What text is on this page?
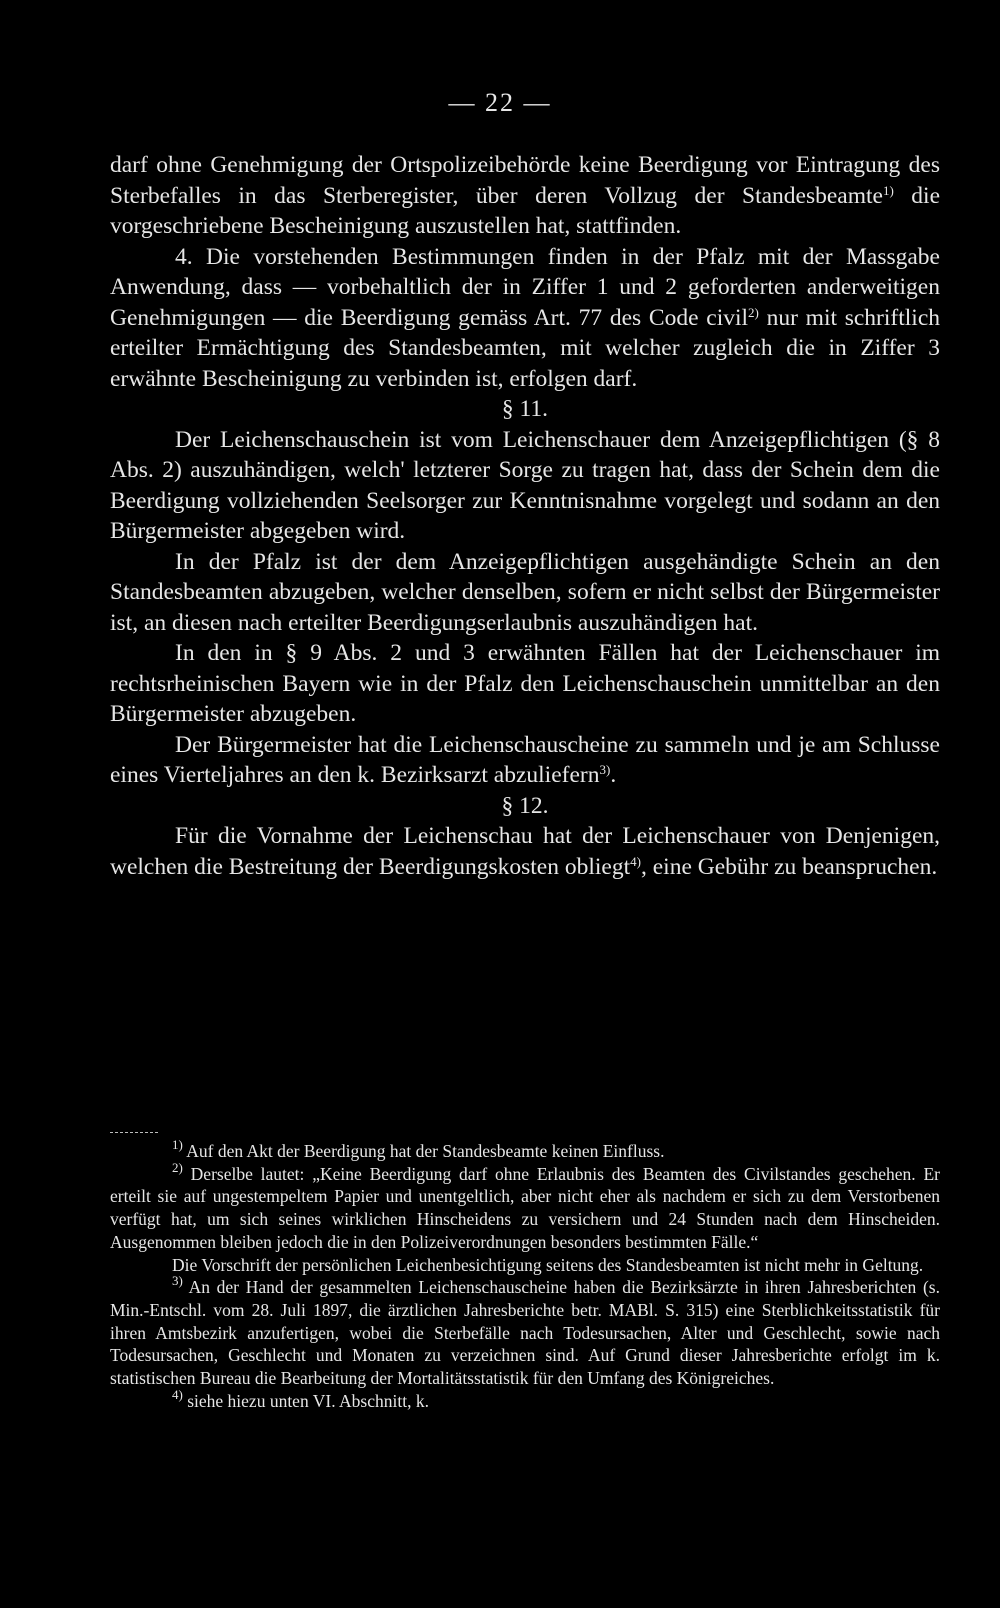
— 22 —

darf ohne Genehmigung der Ortspolizeibehörde keine Beerdigung vor Eintragung des Sterbefalles in das Sterberegister, über deren Vollzug der Standesbeamte$^{1)}$ die vorgeschriebene Bescheinigung auszustellen hat, stattfinden.

4. Die vorstehenden Bestimmungen finden in der Pfalz mit der Massgabe Anwendung, dass — vorbehaltlich der in Ziffer 1 und 2 geforderten anderweitigen Genehmigungen — die Beerdigung gemäss Art. 77 des Code civil$^{2)}$ nur mit schriftlich erteilter Ermächtigung des Standesbeamten, mit welcher zugleich die in Ziffer 3 erwähnte Bescheinigung zu verbinden ist, erfolgen darf.

§ 11.

Der Leichenschauschein ist vom Leichenschauer dem Anzeigepflichtigen (§ 8 Abs. 2) auszuhändigen, welch' letzterer Sorge zu tragen hat, dass der Schein dem die Beerdigung vollziehenden Seelsorger zur Kenntnisnahme vorgelegt und sodann an den Bürgermeister abgegeben wird.

In der Pfalz ist der dem Anzeigepflichtigen ausgehändigte Schein an den Standesbeamten abzugeben, welcher denselben, sofern er nicht selbst der Bürgermeister ist, an diesen nach erteilter Beerdigungserlaubnis auszuhändigen hat.

In den in § 9 Abs. 2 und 3 erwähnten Fällen hat der Leichenschauer im rechtsrheinischen Bayern wie in der Pfalz den Leichenschauschein unmittelbar an den Bürgermeister abzugeben.

Der Bürgermeister hat die Leichenschauscheine zu sammeln und je am Schlusse eines Vierteljahres an den k. Bezirksarzt abzuliefern$^{3)}$.

§ 12.

Für die Vornahme der Leichenschau hat der Leichenschauer von Denjenigen, welchen die Bestreitung der Beerdigungskosten obliegt$^{4)}$, eine Gebühr zu beanspruchen.

$^{1)}$ Auf den Akt der Beerdigung hat der Standesbeamte keinen Einfluss.

$^{2)}$ Derselbe lautet: „Keine Beerdigung darf ohne Erlaubnis des Beamten des Civilstandes geschehen. Er erteilt sie auf ungestempeltem Papier und unentgeltlich, aber nicht eher als nachdem er sich zu dem Verstorbenen verfügt hat, um sich seines wirklichen Hinscheidens zu versichern und 24 Stunden nach dem Hinscheiden. Ausgenommen bleiben jedoch die in den Polizeiverordnungen besonders bestimmten Fälle.“

Die Vorschrift der persönlichen Leichenbesichtigung seitens des Standesbeamten ist nicht mehr in Geltung.

$^{3)}$ An der Hand der gesammelten Leichenschauscheine haben die Bezirksärzte in ihren Jahresberichten (s. Min.-Entschl. vom 28. Juli 1897, die ärztlichen Jahresberichte betr. MABl. S. 315) eine Sterblichkeitsstatistik für ihren Amtsbezirk anzufertigen, wobei die Sterbefälle nach Todesursachen, Alter und Geschlecht, sowie nach Todesursachen, Geschlecht und Monaten zu verzeichnen sind. Auf Grund dieser Jahresberichte erfolgt im k. statistischen Bureau die Bearbeitung der Mortalitätsstatistik für den Umfang des Königreiches.

$^{4)}$ siehe hiezu unten VI. Abschnitt, k.
